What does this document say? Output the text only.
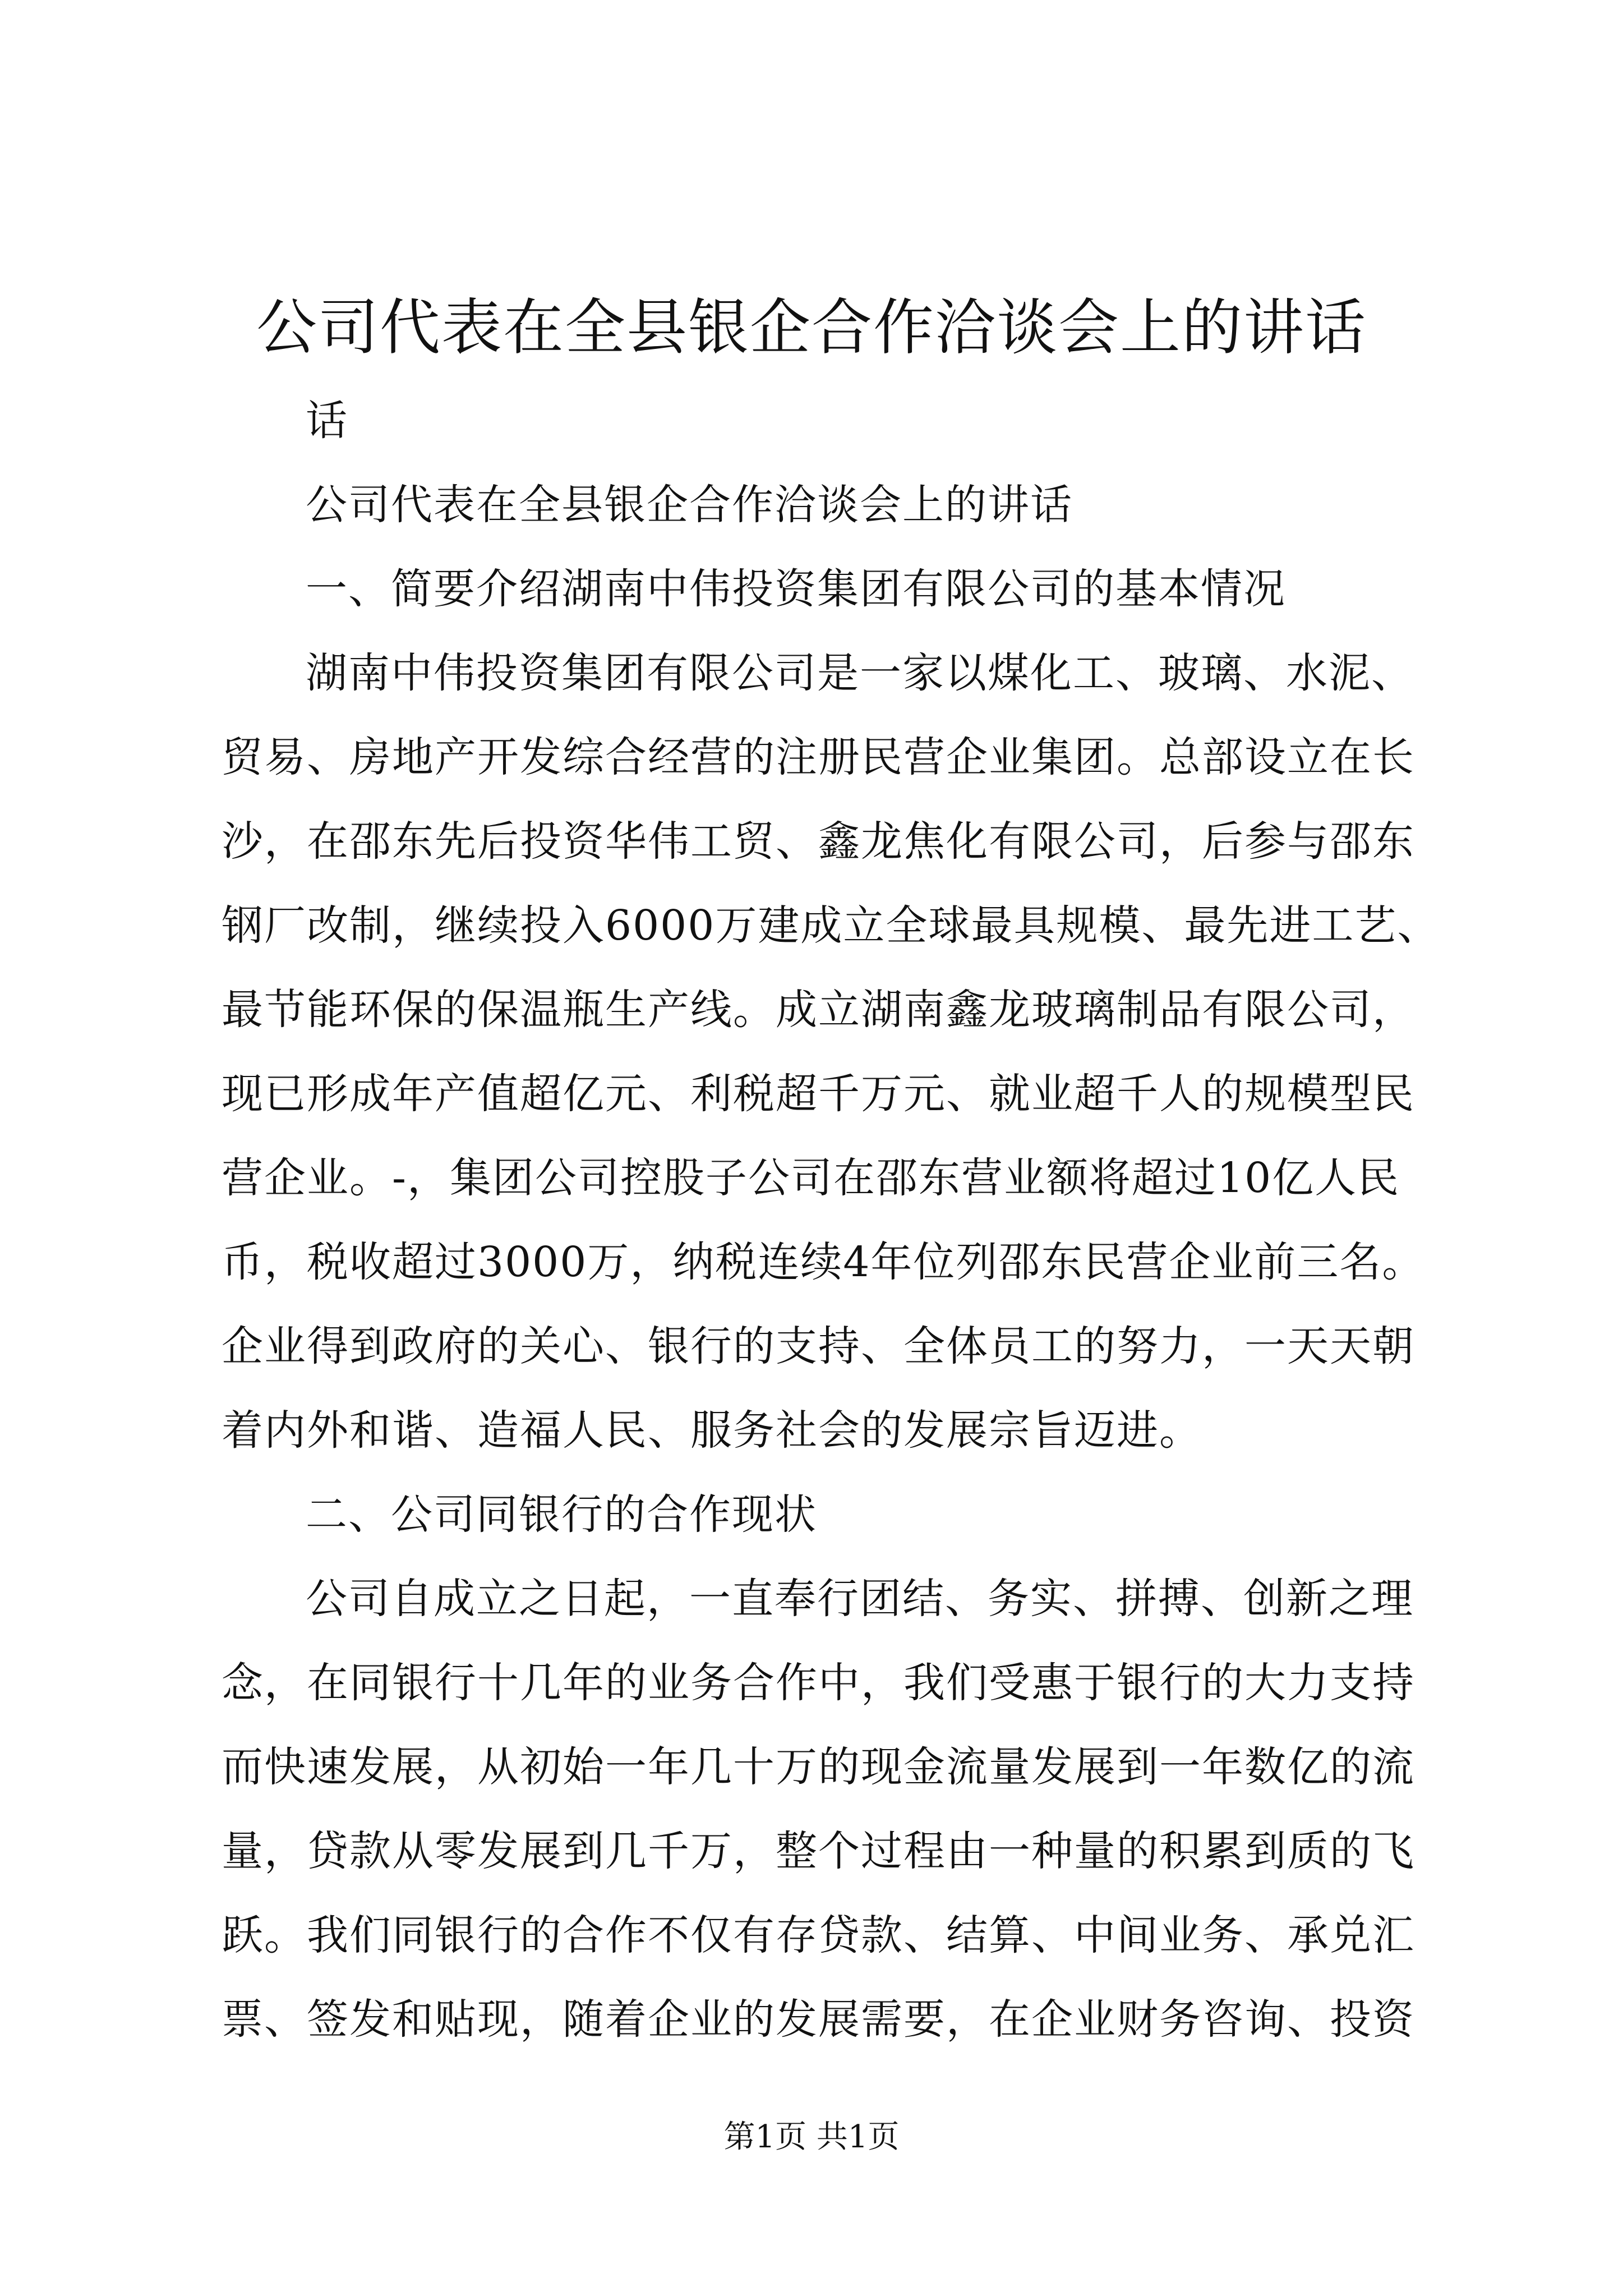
公司代表在全县银企合作洽谈会上的讲话
话
公司代表在全县银企合作洽谈会上的讲话
一、简要介绍湖南中伟投资集团有限公司的基本情况
湖南中伟投资集团有限公司是一家以煤化工、玻璃、水泥、
贸易、房地产开发综合经营的注册民营企业集团。总部设立在长
沙，在邵东先后投资华伟工贸、鑫龙焦化有限公司，后参与邵东
钢厂改制，继续投入6000万建成立全球最具规模、最先进工艺、
最节能环保的保温瓶生产线。成立湖南鑫龙玻璃制品有限公司，
现已形成年产值超亿元、利税超千万元、就业超千人的规模型民
营企业。-，集团公司控股子公司在邵东营业额将超过10亿人民
币，税收超过3000万，纳税连续4年位列邵东民营企业前三名。
企业得到政府的关心、银行的支持、全体员工的努力，一天天朝
着内外和谐、造福人民、服务社会的发展宗旨迈进。
二、公司同银行的合作现状
公司自成立之日起，一直奉行团结、务实、拼搏、创新之理
念，在同银行十几年的业务合作中，我们受惠于银行的大力支持
而快速发展，从初始一年几十万的现金流量发展到一年数亿的流
量，贷款从零发展到几千万，整个过程由一种量的积累到质的飞
跃。我们同银行的合作不仅有存贷款、结算、中间业务、承兑汇
票、签发和贴现，随着企业的发展需要，在企业财务咨询、投资
第1页 共1页
